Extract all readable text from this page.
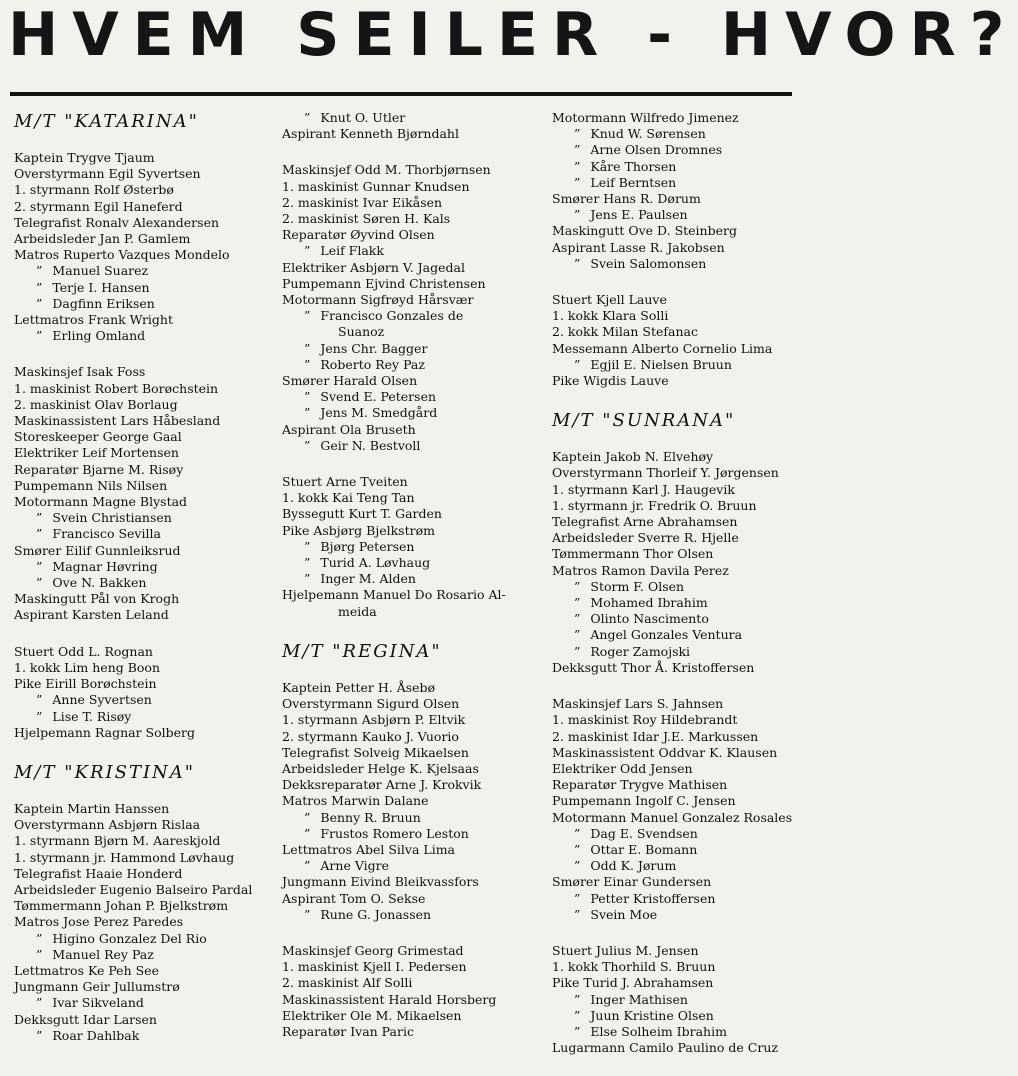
HVEM SEILER - HVOR?
M/T "KATARINA"
Kaptein Trygve Tjaum
Overstyrmann Egil Syvertsen
1. styrmann Rolf Østerbø
2. styrmann Egil Haneferd
Telegrafist Ronalv Alexandersen
Arbeidsleder Jan P. Gamlem
Matros Ruperto Vazques Mondelo
” Manuel Suarez
” Terje I. Hansen
” Dagfinn Eriksen
Lettmatros Frank Wright
” Erling Omland
Maskinsjef Isak Foss
1. maskinist Robert Borøchstein
2. maskinist Olav Borlaug
Maskinassistent Lars Håbesland
Storeskeeper George Gaal
Elektriker Leif Mortensen
Reparatør Bjarne M. Risøy
Pumpemann Nils Nilsen
Motormann Magne Blystad
” Svein Christiansen
” Francisco Sevilla
Smører Eilif Gunnleiksrud
” Magnar Høvring
” Ove N. Bakken
Maskingutt Pål von Krogh
Aspirant Karsten Leland
Stuert Odd L. Rognan
1. kokk Lim heng Boon
Pike Eirill Borøchstein
” Anne Syvertsen
” Lise T. Risøy
Hjelpemann Ragnar Solberg
M/T "KRISTINA"
Kaptein Martin Hanssen
Overstyrmann Asbjørn Rislaa
1. styrmann Bjørn M. Aareskjold
1. styrmann jr. Hammond Løvhaug
Telegrafist Haaie Honderd
Arbeidsleder Eugenio Balseiro Pardal
Tømmermann Johan P. Bjelkstrøm
Matros Jose Perez Paredes
” Higino Gonzalez Del Rio
” Manuel Rey Paz
Lettmatros Ke Peh See
Jungmann Geir Jullumstrø
” Ivar Sikveland
Dekksgutt Idar Larsen
” Roar Dahlbak
” Knut O. Utler
Aspirant Kenneth Bjørndahl
Maskinsjef Odd M. Thorbjørnsen
1. maskinist Gunnar Knudsen
2. maskinist Ivar Eikåsen
2. maskinist Søren H. Kals
Reparatør Øyvind Olsen
” Leif Flakk
Elektriker Asbjørn V. Jagedal
Pumpemann Ejvind Christensen
Motormann Sigfrøyd Hårsvær
” Francisco Gonzales de
Suanoz
” Jens Chr. Bagger
” Roberto Rey Paz
Smører Harald Olsen
” Svend E. Petersen
” Jens M. Smedgård
Aspirant Ola Bruseth
” Geir N. Bestvoll
Stuert Arne Tveiten
1. kokk Kai Teng Tan
Byssegutt Kurt T. Garden
Pike Asbjørg Bjelkstrøm
” Bjørg Petersen
” Turid A. Løvhaug
” Inger M. Alden
Hjelpemann Manuel Do Rosario Al-
meida
M/T "REGINA"
Kaptein Petter H. Åsebø
Overstyrmann Sigurd Olsen
1. styrmann Asbjørn P. Eltvik
2. styrmann Kauko J. Vuorio
Telegrafist Solveig Mikaelsen
Arbeidsleder Helge K. Kjelsaas
Dekksreparatør Arne J. Krokvik
Matros Marwin Dalane
” Benny R. Bruun
” Frustos Romero Leston
Lettmatros Abel Silva Lima
” Arne Vigre
Jungmann Eivind Bleikvassfors
Aspirant Tom O. Sekse
” Rune G. Jonassen
Maskinsjef Georg Grimestad
1. maskinist Kjell I. Pedersen
2. maskinist Alf Solli
Maskinassistent Harald Horsberg
Elektriker Ole M. Mikaelsen
Reparatør Ivan Paric
Motormann Wilfredo Jimenez
” Knud W. Sørensen
” Arne Olsen Dromnes
” Kåre Thorsen
” Leif Berntsen
Smører Hans R. Dørum
” Jens E. Paulsen
Maskingutt Ove D. Steinberg
Aspirant Lasse R. Jakobsen
” Svein Salomonsen
Stuert Kjell Lauve
1. kokk Klara Solli
2. kokk Milan Stefanac
Messemann Alberto Cornelio Lima
” Egjil E. Nielsen Bruun
Pike Wigdis Lauve
M/T "SUNRANA"
Kaptein Jakob N. Elvehøy
Overstyrmann Thorleif Y. Jørgensen
1. styrmann Karl J. Haugevik
1. styrmann jr. Fredrik O. Bruun
Telegrafist Arne Abrahamsen
Arbeidsleder Sverre R. Hjelle
Tømmermann Thor Olsen
Matros Ramon Davila Perez
” Storm F. Olsen
” Mohamed Ibrahim
” Olinto Nascimento
” Angel Gonzales Ventura
” Roger Zamojski
Dekksgutt Thor Å. Kristoffersen
Maskinsjef Lars S. Jahnsen
1. maskinist Roy Hildebrandt
2. maskinist Idar J.E. Markussen
Maskinassistent Oddvar K. Klausen
Elektriker Odd Jensen
Reparatør Trygve Mathisen
Pumpemann Ingolf C. Jensen
Motormann Manuel Gonzalez Rosales
” Dag E. Svendsen
” Ottar E. Bomann
” Odd K. Jørum
Smører Einar Gundersen
” Petter Kristoffersen
” Svein Moe
Stuert Julius M. Jensen
1. kokk Thorhild S. Bruun
Pike Turid J. Abrahamsen
” Inger Mathisen
” Juun Kristine Olsen
” Else Solheim Ibrahim
Lugarmann Camilo Paulino de Cruz
